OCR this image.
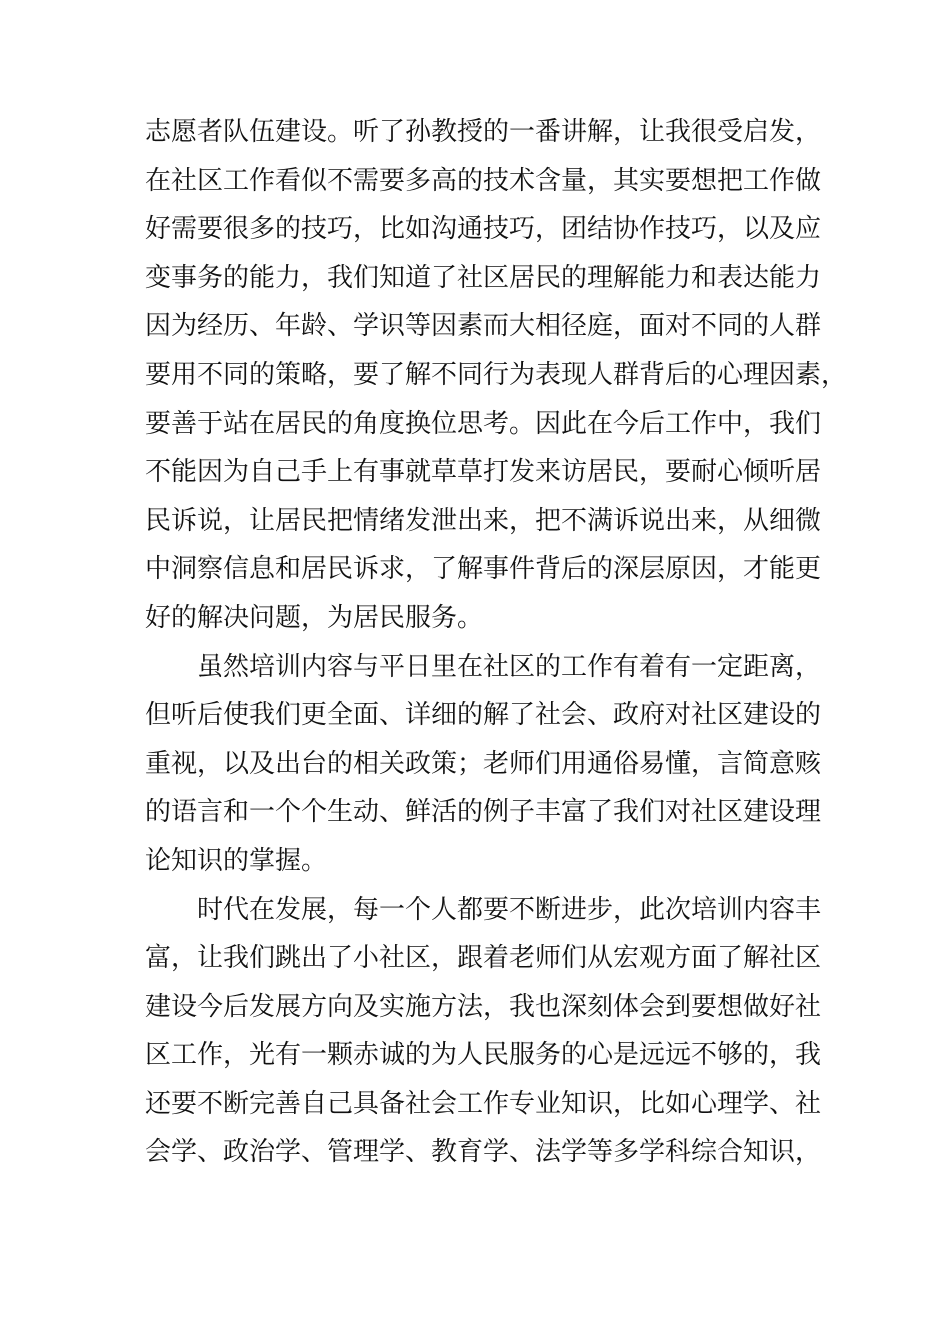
志愿者队伍建设。听了孙教授的一番讲解，让我很受启发，
在社区工作看似不需要多高的技术含量，其实要想把工作做
好需要很多的技巧，比如沟通技巧，团结协作技巧，以及应
变事务的能力，我们知道了社区居民的理解能力和表达能力
因为经历、年龄、学识等因素而大相径庭，面对不同的人群
要用不同的策略，要了解不同行为表现人群背后的心理因素，
要善于站在居民的角度换位思考。因此在今后工作中，我们
不能因为自己手上有事就草草打发来访居民，要耐心倾听居
民诉说，让居民把情绪发泄出来，把不满诉说出来，从细微
中洞察信息和居民诉求，了解事件背后的深层原因，才能更
好的解决问题，为居民服务。
虽然培训内容与平日里在社区的工作有着有一定距离，
但听后使我们更全面、详细的解了社会、政府对社区建设的
重视，以及出台的相关政策；老师们用通俗易懂，言简意赅
的语言和一个个生动、鲜活的例子丰富了我们对社区建设理
论知识的掌握。
时代在发展，每一个人都要不断进步，此次培训内容丰
富，让我们跳出了小社区，跟着老师们从宏观方面了解社区
建设今后发展方向及实施方法，我也深刻体会到要想做好社
区工作，光有一颗赤诚的为人民服务的心是远远不够的，我
还要不断完善自己具备社会工作专业知识，比如心理学、社
会学、政治学、管理学、教育学、法学等多学科综合知识，
